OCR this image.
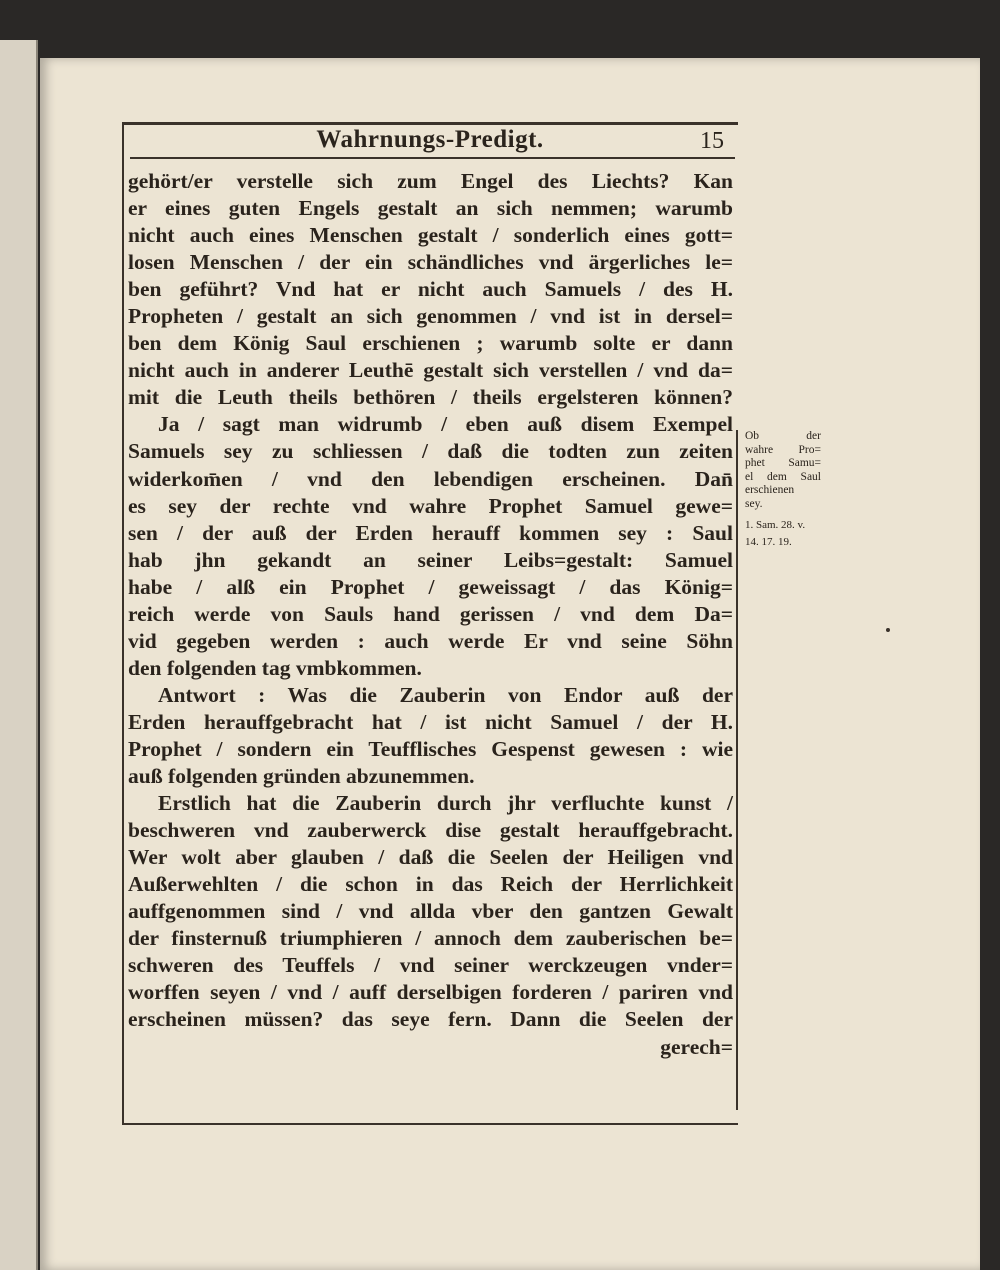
Wahrnungs-Predigt.	15
gehört/er verstelle sich zum Engel des Liechts? Kan
er eines guten Engels gestalt an sich nemmen; warumb
nicht auch eines Menschen gestalt / sonderlich eines gott=
losen Menschen / der ein schändliches vnd ärgerliches le=
ben geführt? Vnd hat er nicht auch Samuels / des H.
Propheten / gestalt an sich genommen / vnd ist in dersel=
ben dem König Saul erschienen ; warumb solte er dann
nicht auch in anderer Leuthē gestalt sich verstellen / vnd da=
mit die Leuth theils bethören / theils ergelsteren können?
Ja / sagt man widrumb / eben auß disem Exempel
Samuels sey zu schliessen / daß die todten zun zeiten
widerkom̄en / vnd den lebendigen erscheinen. Dan̄
es sey der rechte vnd wahre Prophet Samuel gewe=
sen / der auß der Erden herauff kommen sey : Saul
hab jhn gekandt an seiner Leibs=gestalt: Samuel
habe / alß ein Prophet / geweissagt / das König=
reich werde von Sauls hand gerissen / vnd dem Da=
vid gegeben werden : auch werde Er vnd seine Söhn
den folgenden tag vmbkommen.
Antwort : Was die Zauberin von Endor auß der
Erden herauffgebracht hat / ist nicht Samuel / der H.
Prophet / sondern ein Teufflisches Gespenst gewesen : wie
auß folgenden gründen abzunemmen.
Erstlich hat die Zauberin durch jhr verfluchte kunst /
beschweren vnd zauberwerck dise gestalt herauffgebracht.
Wer wolt aber glauben / daß die Seelen der Heiligen vnd
Außerwehlten / die schon in das Reich der Herrlichkeit
auffgenommen sind / vnd allda vber den gantzen Gewalt
der finsternuß triumphieren / annoch dem zauberischen be=
schweren des Teuffels / vnd seiner werckzeugen vnder=
worffen seyen / vnd / auff derselbigen forderen / pariren vnd
erscheinen müssen? das seye fern. Dann die Seelen der
gerech=
Ob der
wahre Pro=
phet Samu=
el dem Saul
erschienen
sey.
1. Sam. 28. v.
14. 17. 19.
